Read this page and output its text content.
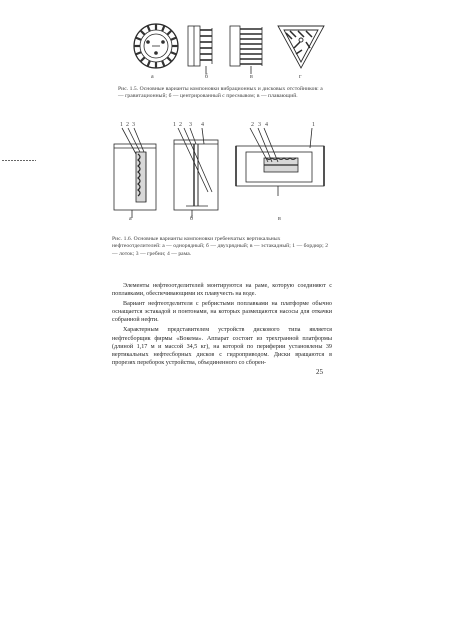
а	б	в	г
Рис. 1.5. Основные варианты компоновки вибрационных и дисковых отстойников: а — гравитационный; б — центрированный с пресмывом; в — плавающий.
1 2 3	1 2 3 4	2 3 4	1
а	б	в
Рис. 1.6. Основные варианты компоновки гребенчатых вертикальных нефтеоотделителей: а — однорядный; б — двухрядный; в — эстакадный; 1 — бордюр; 2 — лоток; 3 — гребни; 4 — рама.

Элементы нефтеоотделителей монтируются на раме, которую соединяют с поплавками, обеспечивающими их плавучесть на воде.

Вариант нефтеотделителя с ребристыми поплавками на платформе обычно оснащается эстакадой и понтонами, на которых размещаются насосы для откачки собранной нефти.

Характерным представителем устройств дискового типа является нефтесборщик фирмы «Вокема». Аппарат состоит из трехгранной платформы (длиной 1,17 м и массой 34,5 кг), на которой по периферии установлены 39 вертикальных нефтесборных дисков с гидроприводом. Диски вращаются в прорезях переборок устройства, объединенного со сборен-

25
